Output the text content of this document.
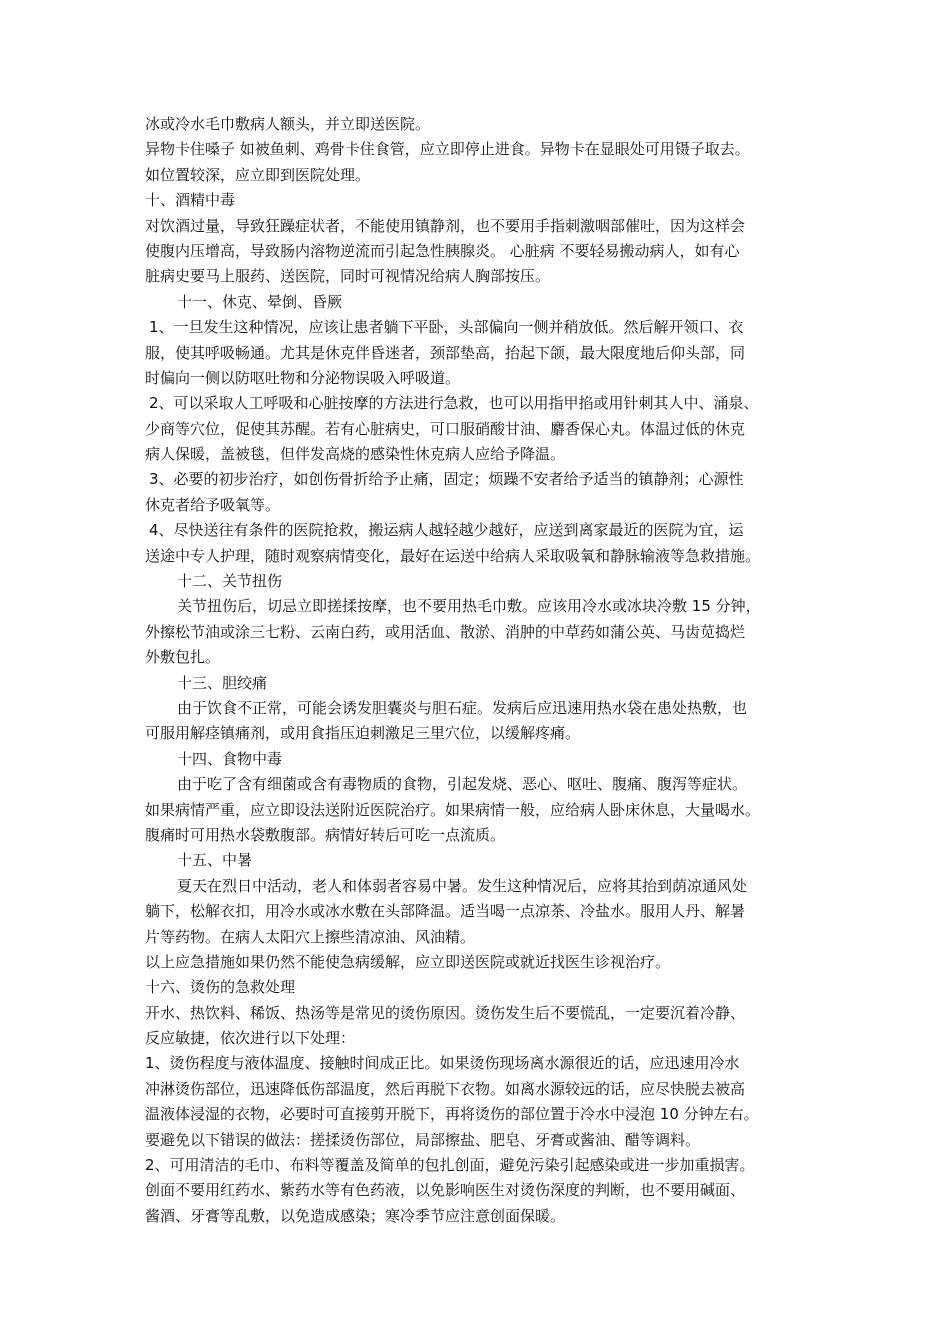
冰或冷水毛巾敷病人额头，并立即送医院。
异物卡住嗓子 如被鱼刺、鸡骨卡住食管，应立即停止进食。异物卡在显眼处可用镊子取去。
如位置较深，应立即到医院处理。
十、酒精中毒
对饮酒过量，导致狂躁症状者，不能使用镇静剂，也不要用手指刺激咽部催吐，因为这样会
使腹内压增高，导致肠内溶物逆流而引起急性胰腺炎。 心脏病 不要轻易搬动病人，如有心
脏病史要马上服药、送医院，同时可视情况给病人胸部按压。
十一、休克、晕倒、昏厥
1、一旦发生这种情况，应该让患者躺下平卧，头部偏向一侧并稍放低。然后解开领口、衣
服，使其呼吸畅通。尤其是休克伴昏迷者，颈部垫高，抬起下颌，最大限度地后仰头部，同
时偏向一侧以防呕吐物和分泌物误吸入呼吸道。
2、可以采取人工呼吸和心脏按摩的方法进行急救，也可以用指甲掐或用针刺其人中、涌泉、
少商等穴位，促使其苏醒。若有心脏病史，可口服硝酸甘油、麝香保心丸。体温过低的休克
病人保暖，盖被毯，但伴发高烧的感染性休克病人应给予降温。
3、必要的初步治疗，如创伤骨折给予止痛，固定；烦躁不安者给予适当的镇静剂；心源性
休克者给予吸氧等。
4、尽快送往有条件的医院抢救，搬运病人越轻越少越好，应送到离家最近的医院为宜，运
送途中专人护理，随时观察病情变化，最好在运送中给病人采取吸氧和静脉输液等急救措施。
十二、关节扭伤
关节扭伤后，切忌立即搓揉按摩，也不要用热毛巾敷。应该用冷水或冰块冷敷 15 分钟，
外擦松节油或涂三七粉、云南白药，或用活血、散淤、消肿的中草药如蒲公英、马齿苋捣烂
外敷包扎。
十三、胆绞痛
由于饮食不正常，可能会诱发胆囊炎与胆石症。发病后应迅速用热水袋在患处热敷，也
可服用解痉镇痛剂，或用食指压迫刺激足三里穴位，以缓解疼痛。
十四、食物中毒
由于吃了含有细菌或含有毒物质的食物，引起发烧、恶心、呕吐、腹痛、腹泻等症状。
如果病情严重，应立即设法送附近医院治疗。如果病情一般，应给病人卧床休息，大量喝水。
腹痛时可用热水袋敷腹部。病情好转后可吃一点流质。
十五、中暑
夏天在烈日中活动，老人和体弱者容易中暑。发生这种情况后，应将其抬到荫凉通风处
躺下，松解衣扣，用冷水或冰水敷在头部降温。适当喝一点凉茶、冷盐水。服用人丹、解暑
片等药物。在病人太阳穴上擦些清凉油、风油精。
以上应急措施如果仍然不能使急病缓解，应立即送医院或就近找医生诊视治疗。
十六、烫伤的急救处理
开水、热饮料、稀饭、热汤等是常见的烫伤原因。烫伤发生后不要慌乱，一定要沉着冷静、
反应敏捷，依次进行以下处理：
1、烫伤程度与液体温度、接触时间成正比。如果烫伤现场离水源很近的话，应迅速用冷水
冲淋烫伤部位，迅速降低伤部温度，然后再脱下衣物。如离水源较远的话，应尽快脱去被高
温液体浸湿的衣物，必要时可直接剪开脱下，再将烫伤的部位置于冷水中浸泡 10 分钟左右。
要避免以下错误的做法：搓揉烫伤部位，局部擦盐、肥皂、牙膏或酱油、醋等调料。
2、可用清洁的毛巾、布料等覆盖及简单的包扎创面，避免污染引起感染或进一步加重损害。
创面不要用红药水、紫药水等有色药液，以免影响医生对烫伤深度的判断，也不要用碱面、
酱酒、牙膏等乱敷，以免造成感染；寒冷季节应注意创面保暖。
